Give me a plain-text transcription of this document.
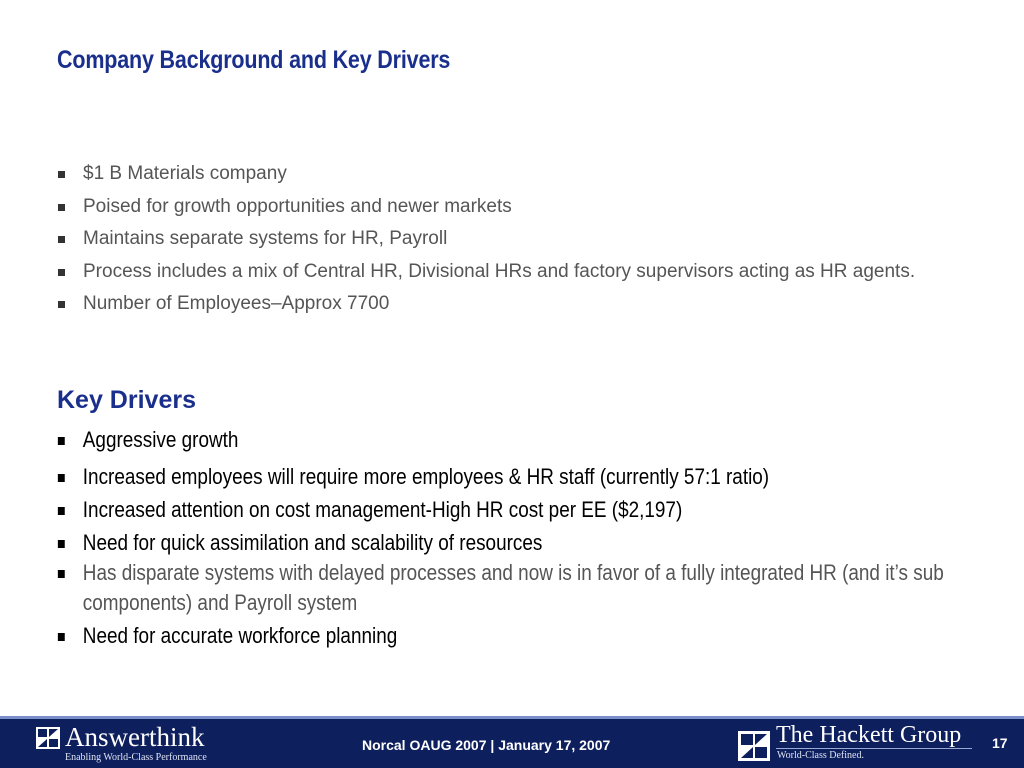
Company Background and Key Drivers
$1 B Materials company
Poised for growth opportunities and newer markets
Maintains separate systems for HR, Payroll
Process includes a mix of Central HR, Divisional HRs and factory supervisors acting as HR agents.
Number of Employees–Approx 7700
Key Drivers
Aggressive growth
Increased employees will require more employees & HR staff (currently 57:1 ratio)
Increased attention on cost management-High HR cost per EE ($2,197)
Need for quick assimilation and scalability of resources
Has disparate systems with delayed processes and now is in favor of a fully integrated HR (and it’s sub components) and Payroll system
Need for accurate workforce planning
Answerthink
Enabling World-Class Performance
Norcal OAUG 2007 | January 17, 2007	The Hackett Group
World-Class Defined.
17
